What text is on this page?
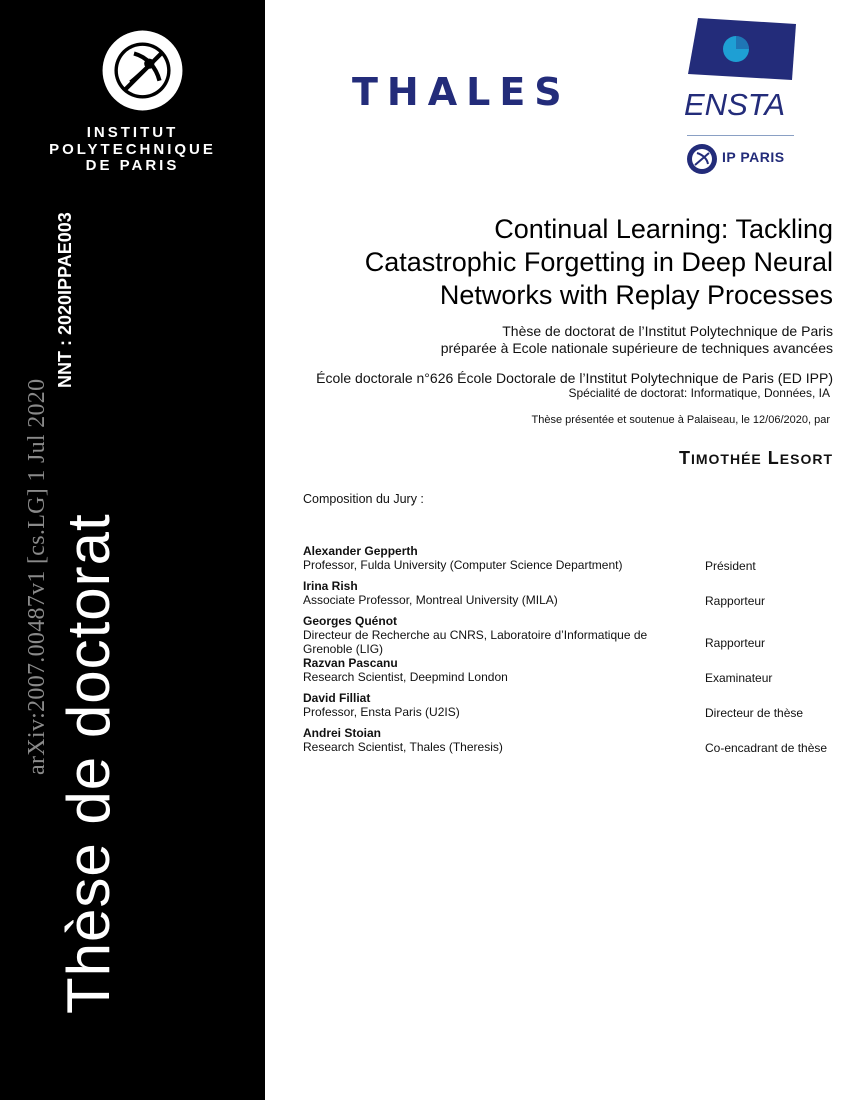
INSTITUT
POLYTECHNIQUE
DE PARIS
NNT : 2020IPPAE003
arXiv:2007.00487v1 [cs.LG] 1 Jul 2020 Thèse de doctorat
THALES	ENSTA
IP PARIS
Continual Learning: Tackling
Catastrophic Forgetting in Deep Neural
Networks with Replay Processes
Thèse de doctorat de l’Institut Polytechnique de Paris
préparée à Ecole nationale supérieure de techniques avancées
École doctorale n°626 École Doctorale de l’Institut Polytechnique de Paris (ED IPP)
Spécialité de doctorat: Informatique, Données, IA
Thèse présentée et soutenue à Palaiseau, le 12/06/2020, par
TIMOTHÉE LESORT
Composition du Jury :
Alexander Gepperth
Professor, Fulda University (Computer Science Department)	Président
Irina Rish
Associate Professor, Montreal University (MILA)	Rapporteur
Georges Quénot
Directeur de Recherche au CNRS, Laboratoire d’Informatique de Grenoble (LIG)	Rapporteur
Razvan Pascanu
Research Scientist, Deepmind London	Examinateur
David Filliat
Professor, Ensta Paris (U2IS)	Directeur de thèse
Andrei Stoian
Research Scientist, Thales (Theresis)	Co-encadrant de thèse
